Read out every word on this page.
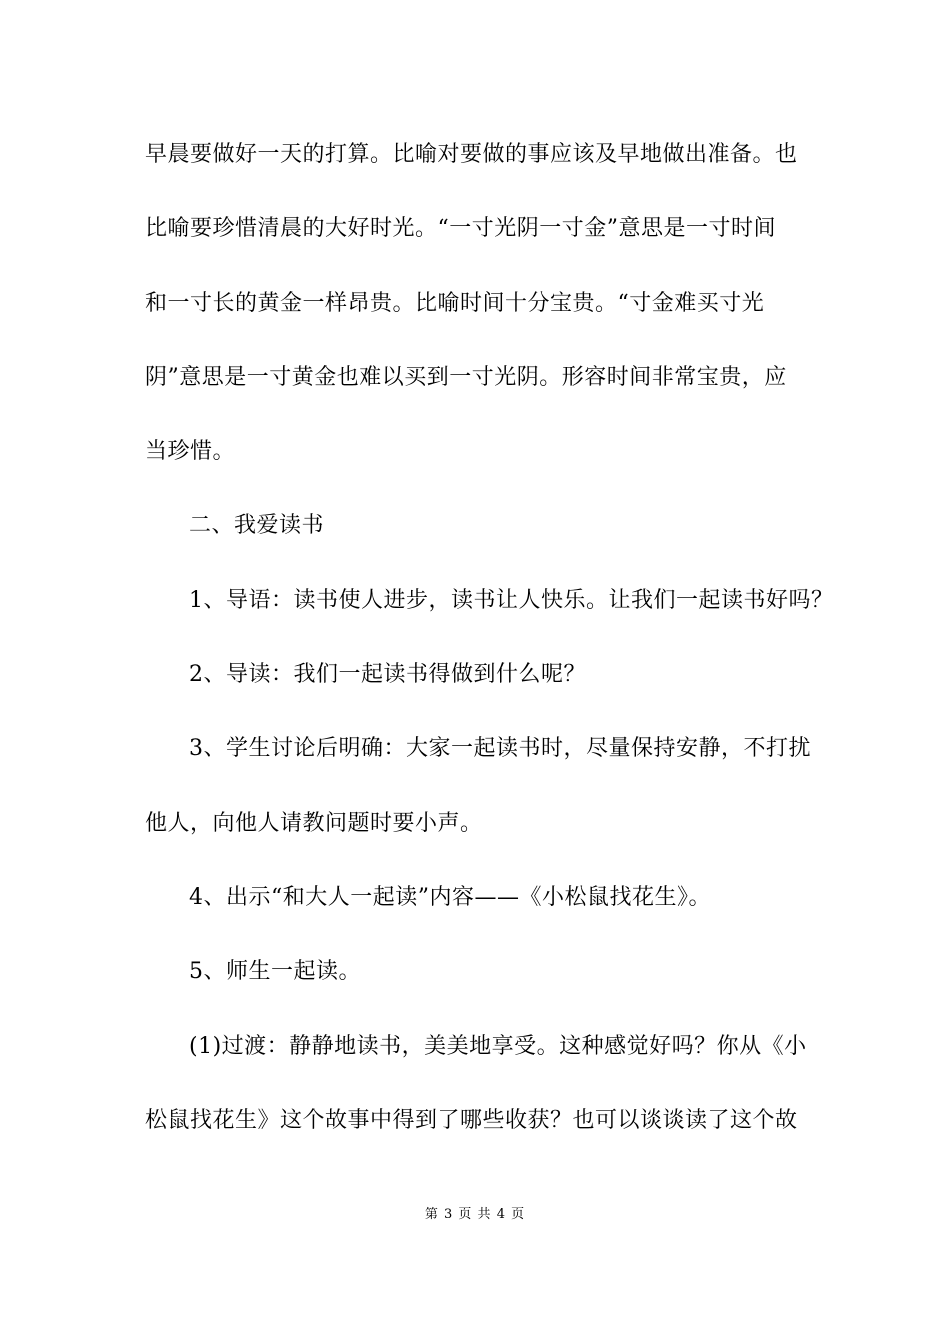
早晨要做好一天的打算。比喻对要做的事应该及早地做出准备。也
比喻要珍惜清晨的大好时光。“一寸光阴一寸金”意思是一寸时间
和一寸长的黄金一样昂贵。比喻时间十分宝贵。“寸金难买寸光
阴”意思是一寸黄金也难以买到一寸光阴。形容时间非常宝贵，应
当珍惜。
二、我爱读书
1、导语：读书使人进步，读书让人快乐。让我们一起读书好吗？
2、导读：我们一起读书得做到什么呢？
3、学生讨论后明确：大家一起读书时，尽量保持安静，不打扰
他人，向他人请教问题时要小声。
4、出示“和大人一起读”内容——《小松鼠找花生》。
5、师生一起读。
(1)过渡：静静地读书，美美地享受。这种感觉好吗？你从《小
松鼠找花生》这个故事中得到了哪些收获？也可以谈谈读了这个故
第 3 页 共 4 页
